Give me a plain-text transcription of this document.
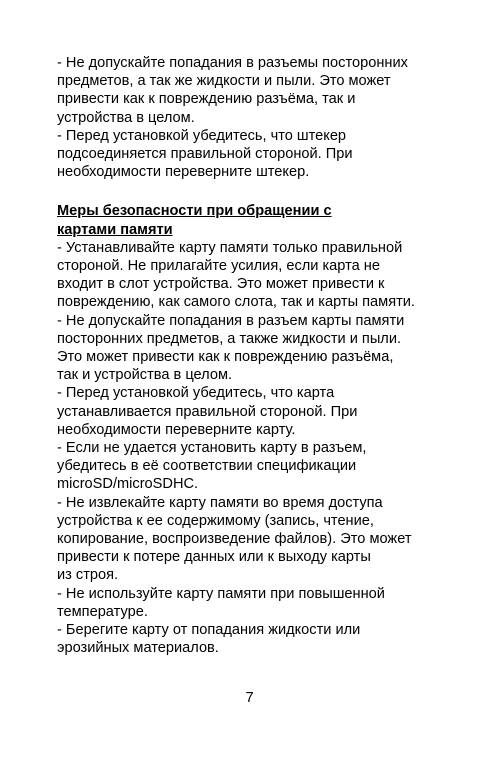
- Не допускайте попадания в разъемы посторонних
предметов, а так же жидкости и пыли. Это может
привести как к повреждению разъёма, так и
устройства в целом.

- Перед установкой убедитесь, что штекер
подсоединяется правильной стороной. При
необходимости переверните штекер.

Меры безопасности при обращении с
картами памяти

- Устанавливайте карту памяти только правильной
стороной. Не прилагайте усилия, если карта не
входит в слот устройства. Это может привести к
повреждению, как самого слота, так и карты памяти.

- Не допускайте попадания в разъем карты памяти
посторонних предметов, а также жидкости и пыли.
Это может привести как к повреждению разъёма,
так и устройства в целом.

- Перед установкой убедитесь, что карта
устанавливается правильной стороной. При
необходимости переверните карту.

- Если не удается установить карту в разъем,
убедитесь в её соответствии спецификации
microSD/microSDHC.

- Не извлекайте карту памяти во время доступа
устройства к ее содержимому (запись, чтение,
копирование, воспроизведение файлов). Это может
привести к потере данных или к выходу карты
из строя.

- Не используйте карту памяти при повышенной
температуре.

- Берегите карту от попадания жидкости или
эрозийных материалов.

7
